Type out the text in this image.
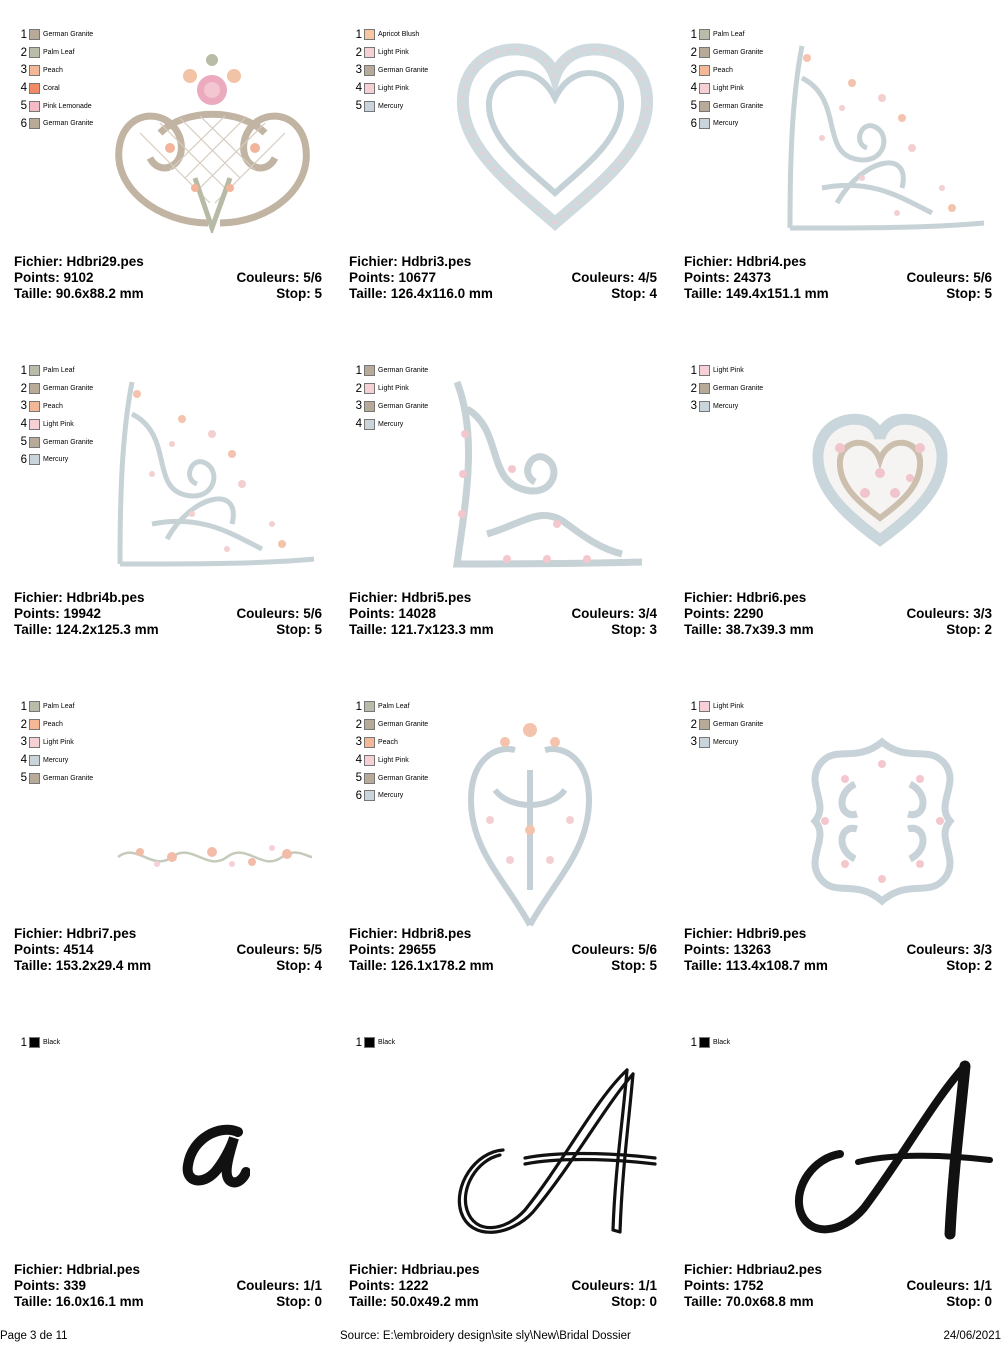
1 German Granite
2 Palm Leaf
3 Peach
4 Coral
5 Pink Lemonade
6 German Granite
Fichier: Hdbri29.pes
Points: 9102	Couleurs: 5/6
Taille: 90.6x88.2 mm	Stop: 5
1 Apricot Blush
2 Light Pink
3 German Granite
4 Light Pink
5 Mercury
Fichier: Hdbri3.pes
Points: 10677	Couleurs: 4/5
Taille: 126.4x116.0 mm	Stop: 4
1 Palm Leaf
2 German Granite
3 Peach
4 Light Pink
5 German Granite
6 Mercury
Fichier: Hdbri4.pes
Points: 24373	Couleurs: 5/6
Taille: 149.4x151.1 mm	Stop: 5
1 Palm Leaf
2 German Granite
3 Peach
4 Light Pink
5 German Granite
6 Mercury
Fichier: Hdbri4b.pes
Points: 19942	Couleurs: 5/6
Taille: 124.2x125.3 mm	Stop: 5
1 German Granite
2 Light Pink
3 German Granite
4 Mercury
Fichier: Hdbri5.pes
Points: 14028	Couleurs: 3/4
Taille: 121.7x123.3 mm	Stop: 3
1 Light Pink
2 German Granite
3 Mercury
Fichier: Hdbri6.pes
Points: 2290	Couleurs: 3/3
Taille: 38.7x39.3 mm	Stop: 2
1 Palm Leaf
2 Peach
3 Light Pink
4 Mercury
5 German Granite
Fichier: Hdbri7.pes
Points: 4514	Couleurs: 5/5
Taille: 153.2x29.4 mm	Stop: 4
1 Palm Leaf
2 German Granite
3 Peach
4 Light Pink
5 German Granite
6 Mercury
Fichier: Hdbri8.pes
Points: 29655	Couleurs: 5/6
Taille: 126.1x178.2 mm	Stop: 5
1 Light Pink
2 German Granite
3 Mercury
Fichier: Hdbri9.pes
Points: 13263	Couleurs: 3/3
Taille: 113.4x108.7 mm	Stop: 2
1 Black
Fichier: Hdbrial.pes
Points: 339	Couleurs: 1/1
Taille: 16.0x16.1 mm	Stop: 0
1 Black
Fichier: Hdbriau.pes
Points: 1222	Couleurs: 1/1
Taille: 50.0x49.2 mm	Stop: 0
1 Black
Fichier: Hdbriau2.pes
Points: 1752	Couleurs: 1/1
Taille: 70.0x68.8 mm	Stop: 0
Page 3 de 11	Source: E:\embroidery design\site sly\New\Bridal Dossier	24/06/2021
